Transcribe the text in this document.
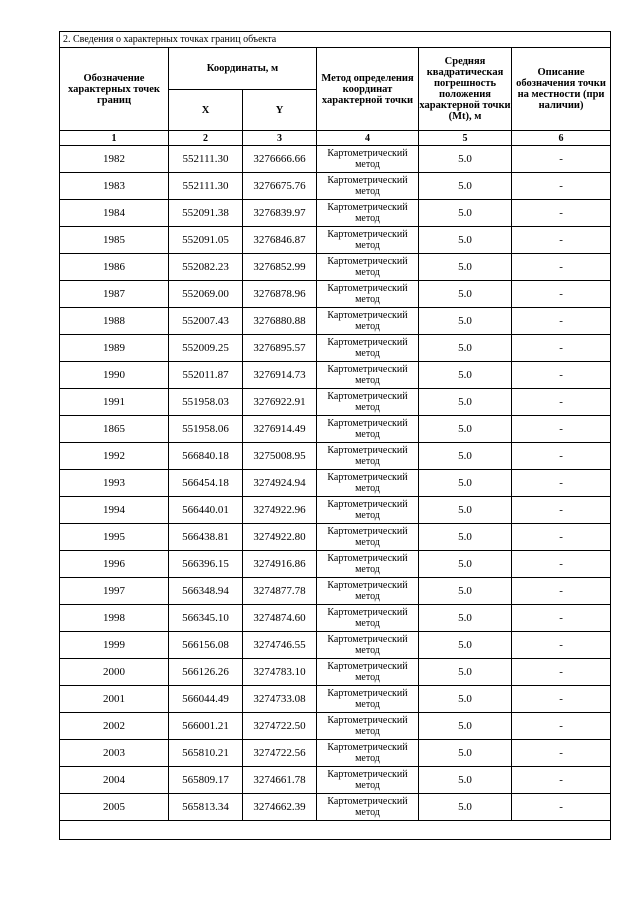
2. Сведения о характерных точках границ объекта					
Обозначение характерных точек границ	Координаты, м		Метод определения координат характерной точки	Средняя квадратическая погрешность положения характерной точки (Mt), м	Описание обозначения точки на местности (при наличии)
	X	Y			
1	2	3	4	5	6
1982	552111.30	3276666.66	Картометрический метод	5.0	-
1983	552111.30	3276675.76	Картометрический метод	5.0	-
1984	552091.38	3276839.97	Картометрический метод	5.0	-
1985	552091.05	3276846.87	Картометрический метод	5.0	-
1986	552082.23	3276852.99	Картометрический метод	5.0	-
1987	552069.00	3276878.96	Картометрический метод	5.0	-
1988	552007.43	3276880.88	Картометрический метод	5.0	-
1989	552009.25	3276895.57	Картометрический метод	5.0	-
1990	552011.87	3276914.73	Картометрический метод	5.0	-
1991	551958.03	3276922.91	Картометрический метод	5.0	-
1865	551958.06	3276914.49	Картометрический метод	5.0	-
1992	566840.18	3275008.95	Картометрический метод	5.0	-
1993	566454.18	3274924.94	Картометрический метод	5.0	-
1994	566440.01	3274922.96	Картометрический метод	5.0	-
1995	566438.81	3274922.80	Картометрический метод	5.0	-
1996	566396.15	3274916.86	Картометрический метод	5.0	-
1997	566348.94	3274877.78	Картометрический метод	5.0	-
1998	566345.10	3274874.60	Картометрический метод	5.0	-
1999	566156.08	3274746.55	Картометрический метод	5.0	-
2000	566126.26	3274783.10	Картометрический метод	5.0	-
2001	566044.49	3274733.08	Картометрический метод	5.0	-
2002	566001.21	3274722.50	Картометрический метод	5.0	-
2003	565810.21	3274722.56	Картометрический метод	5.0	-
2004	565809.17	3274661.78	Картометрический метод	5.0	-
2005	565813.34	3274662.39	Картометрический метод	5.0	-
